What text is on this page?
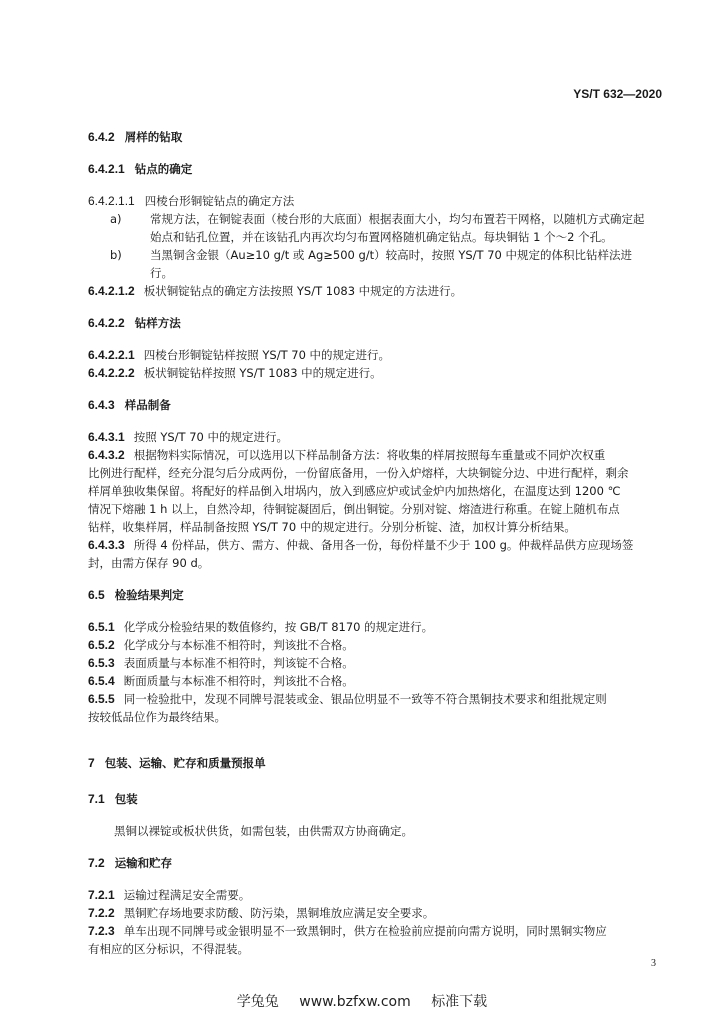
YS/T 632—2020
6.4.2 屑样的钻取
6.4.2.1 钻点的确定
6.4.2.1.1 四棱台形铜锭钻点的确定方法
a)	常规方法，在铜锭表面（棱台形的大底面）根据表面大小，均匀布置若干网格，以随机方式确定起
始点和钻孔位置，并在该钻孔内再次均匀布置网格随机确定钻点。每块铜钻 1 个～2 个孔。
b)	当黑铜含金银（Au≥10 g/t 或 Ag≥500 g/t）较高时，按照 YS/T 70 中规定的体积比钻样法进
行。
6.4.2.1.2 板状铜锭钻点的确定方法按照 YS/T 1083 中规定的方法进行。
6.4.2.2 钻样方法
6.4.2.2.1 四棱台形铜锭钻样按照 YS/T 70 中的规定进行。
6.4.2.2.2 板状铜锭钻样按照 YS/T 1083 中的规定进行。
6.4.3 样品制备
6.4.3.1 按照 YS/T 70 中的规定进行。
6.4.3.2 根据物料实际情况，可以选用以下样品制备方法：将收集的样屑按照每车重量或不同炉次权重
比例进行配样，经充分混匀后分成两份，一份留底备用，一份入炉熔样，大块铜锭分边、中进行配样，剩余
样屑单独收集保留。将配好的样品倒入坩埚内，放入到感应炉或试金炉内加热熔化，在温度达到 1200 ℃
情况下熔融 1 h 以上，自然冷却，待铜锭凝固后，倒出铜锭。分别对锭、熔渣进行称重。在锭上随机布点
钻样，收集样屑，样品制备按照 YS/T 70 中的规定进行。分别分析锭、渣，加权计算分析结果。
6.4.3.3 所得 4 份样品，供方、需方、仲裁、备用各一份，每份样量不少于 100 g。仲裁样品供方应现场签
封，由需方保存 90 d。
6.5 检验结果判定
6.5.1 化学成分检验结果的数值修约，按 GB/T 8170 的规定进行。
6.5.2 化学成分与本标准不相符时，判该批不合格。
6.5.3 表面质量与本标准不相符时，判该锭不合格。
6.5.4 断面质量与本标准不相符时，判该批不合格。
6.5.5 同一检验批中，发现不同牌号混装或金、银品位明显不一致等不符合黑铜技术要求和组批规定则
按较低品位作为最终结果。
7 包装、运输、贮存和质量预报单
7.1 包装
黑铜以裸锭或板状供货，如需包装，由供需双方协商确定。
7.2 运输和贮存
7.2.1 运输过程满足安全需要。
7.2.2 黑铜贮存场地要求防酸、防污染，黑铜堆放应满足安全要求。
7.2.3 单车出现不同牌号或金银明显不一致黑铜时，供方在检验前应提前向需方说明，同时黑铜实物应
有相应的区分标识，不得混装。
3
学兔兔 www.bzfxw.com 标准下载
